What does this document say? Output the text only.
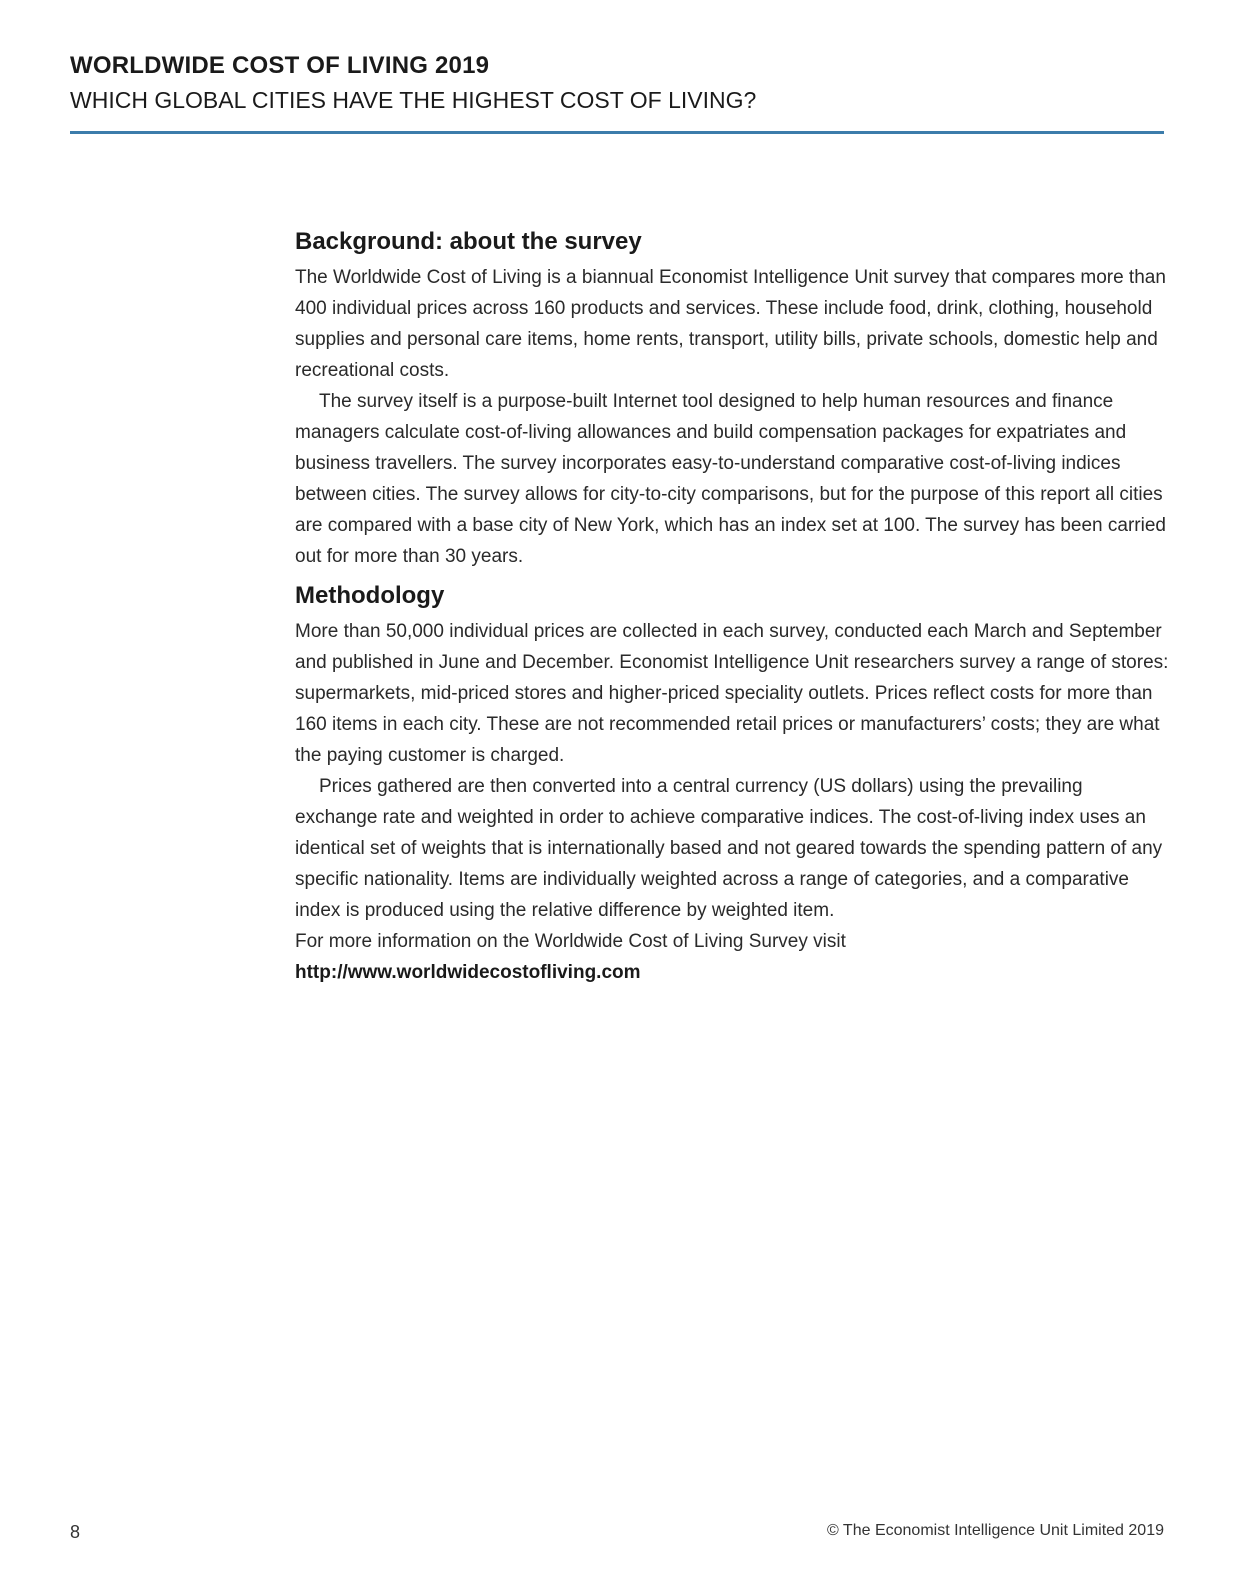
WORLDWIDE COST OF LIVING 2019
WHICH GLOBAL CITIES HAVE THE HIGHEST COST OF LIVING?
Background: about the survey

The Worldwide Cost of Living is a biannual Economist Intelligence Unit survey that compares more than 400 individual prices across 160 products and services. These include food, drink, clothing, household supplies and personal care items, home rents, transport, utility bills, private schools, domestic help and recreational costs.

The survey itself is a purpose-built Internet tool designed to help human resources and finance managers calculate cost-of-living allowances and build compensation packages for expatriates and business travellers. The survey incorporates easy-to-understand comparative cost-of-living indices between cities. The survey allows for city-to-city comparisons, but for the purpose of this report all cities are compared with a base city of New York, which has an index set at 100. The survey has been carried out for more than 30 years.

Methodology

More than 50,000 individual prices are collected in each survey, conducted each March and September and published in June and December. Economist Intelligence Unit researchers survey a range of stores: supermarkets, mid-priced stores and higher-priced speciality outlets. Prices reflect costs for more than 160 items in each city. These are not recommended retail prices or manufacturers’ costs; they are what the paying customer is charged.

Prices gathered are then converted into a central currency (US dollars) using the prevailing exchange rate and weighted in order to achieve comparative indices. The cost-of-living index uses an identical set of weights that is internationally based and not geared towards the spending pattern of any specific nationality. Items are individually weighted across a range of categories, and a comparative index is produced using the relative difference by weighted item.

For more information on the Worldwide Cost of Living Survey visit

http://www.worldwidecostofliving.com
8	© The Economist Intelligence Unit Limited 2019
